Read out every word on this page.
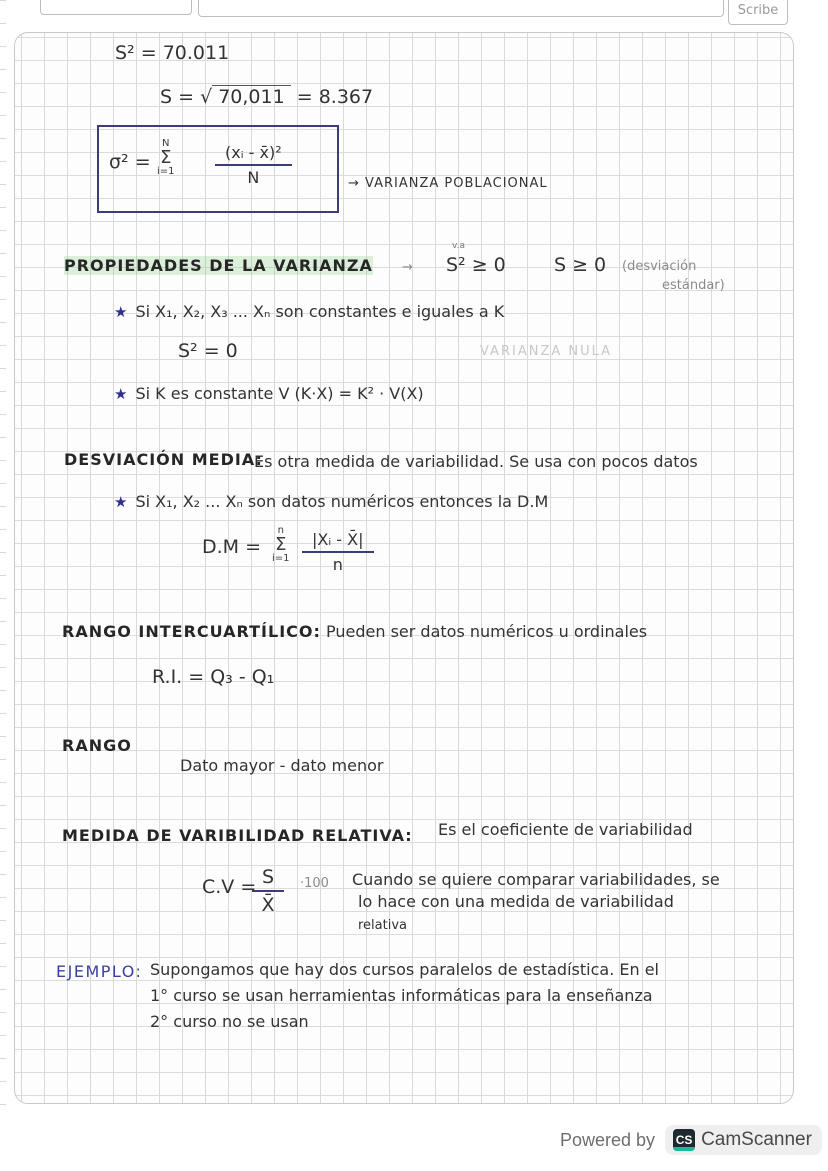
Scribe
S² = 70.011
S = √ 70,011 = 8.367
σ² =
N
Σ
i=1	$\frac{\text{(xᵢ - x̄)²}}{N}$	→ VARIANZA POBLACIONAL
PROPIEDADES DE LA VARIANZA →
v.a
S² ≥ 0	S ≥ 0 (desviación
estándar)
★ Si X₁, X₂, X₃ ... Xₙ son constantes e iguales a K
S² = 0	VARIANZA NULA
★ Si K es constante V (K·X) = K² · V(X)
DESVIACIÓN MEDIA:
Es otra medida de variabilidad. Se usa con pocos datos
★ Si X₁, X₂ ... Xₙ son datos numéricos entonces la D.M
D.M =
n
Σ
$i=1 \frac{\text{|Xᵢ - X̄|}}{n}$
RANGO INTERCUARTÍLICO: Pueden ser datos numéricos u ordinales
R.I. = Q₃ - Q₁
RANGO
Dato mayor - dato menor
MEDIDA DE VARIBILIDAD RELATIVA: Es el coeficiente de variabilidad
C.V =
$\frac{S}{X̄} \cdot 100$ Cuando se quiere comparar variabilidades, se
lo hace con una medida de variabilidad
relativa
EJEMPLO: Supongamos que hay dos cursos paralelos de estadística. En el
1° curso se usan herramientas informáticas para la enseñanza
2° curso no se usan
Powered by CS CamScanner
